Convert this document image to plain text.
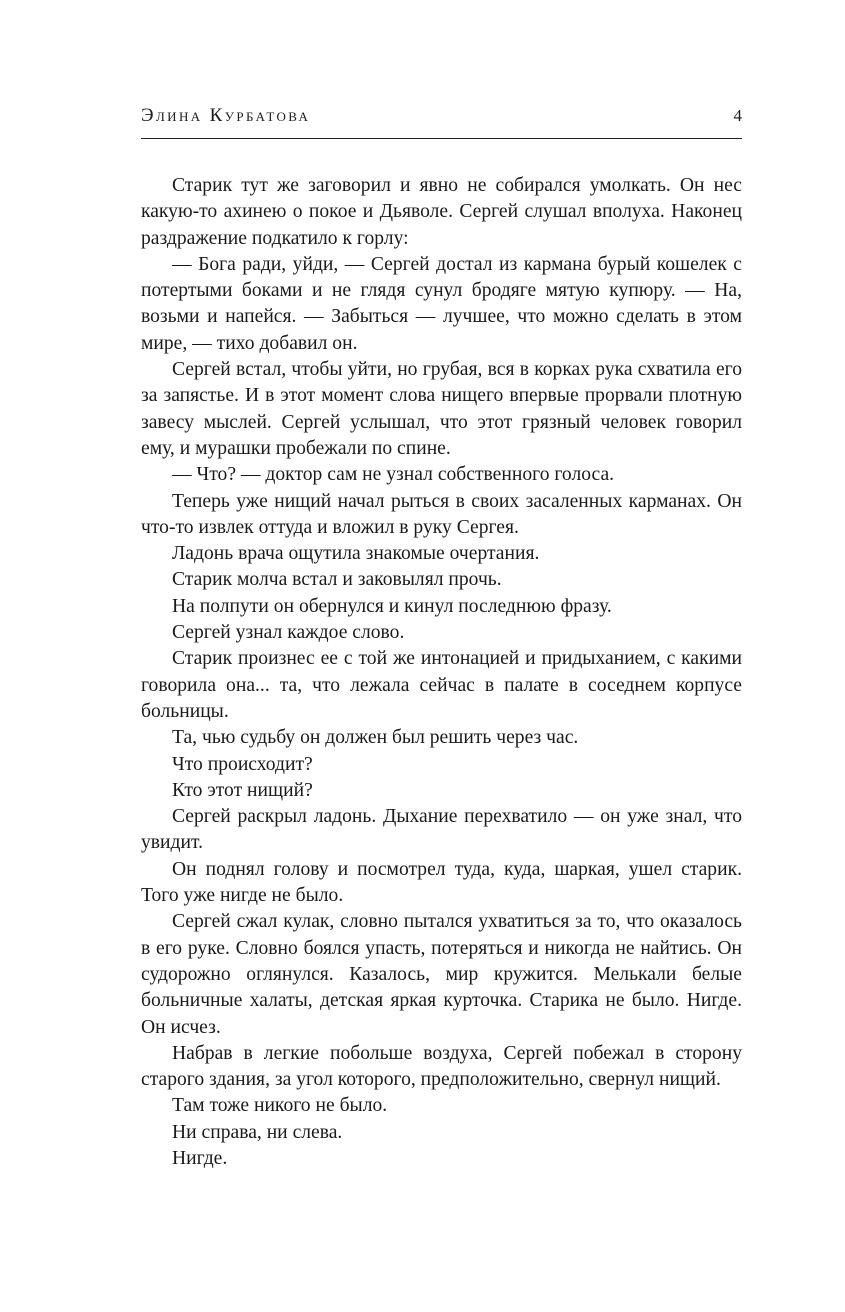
Элина Курбатова	4

Старик тут же заговорил и явно не собирался умолкать. Он нес какую-то ахинею о покое и Дьяволе. Сергей слушал вполуха. Наконец раздражение подкатило к горлу:

— Бога ради, уйди, — Сергей достал из кармана бурый кошелек с потертыми боками и не глядя сунул бродяге мятую купюру. — На, возьми и напейся. — Забыться — лучшее, что можно сделать в этом мире, — тихо добавил он.

Сергей встал, чтобы уйти, но грубая, вся в корках рука схватила его за запястье. И в этот момент слова нищего впервые прорвали плотную завесу мыслей. Сергей услышал, что этот грязный человек говорил ему, и мурашки пробежали по спине.

— Что? — доктор сам не узнал собственного голоса.

Теперь уже нищий начал рыться в своих засаленных карманах. Он что-то извлек оттуда и вложил в руку Сергея.

Ладонь врача ощутила знакомые очертания.

Старик молча встал и заковылял прочь.

На полпути он обернулся и кинул последнюю фразу.

Сергей узнал каждое слово.

Старик произнес ее с той же интонацией и придыханием, с какими говорила она... та, что лежала сейчас в палате в соседнем корпусе больницы.

Та, чью судьбу он должен был решить через час.

Что происходит?

Кто этот нищий?

Сергей раскрыл ладонь. Дыхание перехватило — он уже знал, что увидит.

Он поднял голову и посмотрел туда, куда, шаркая, ушел старик. Того уже нигде не было.

Сергей сжал кулак, словно пытался ухватиться за то, что оказалось в его руке. Словно боялся упасть, потеряться и никогда не найтись. Он судорожно оглянулся. Казалось, мир кружится. Мелькали белые больничные халаты, детская яркая курточка. Старика не было. Нигде. Он исчез.

Набрав в легкие побольше воздуха, Сергей побежал в сторону старого здания, за угол которого, предположительно, свернул нищий.

Там тоже никого не было.

Ни справа, ни слева.

Нигде.
